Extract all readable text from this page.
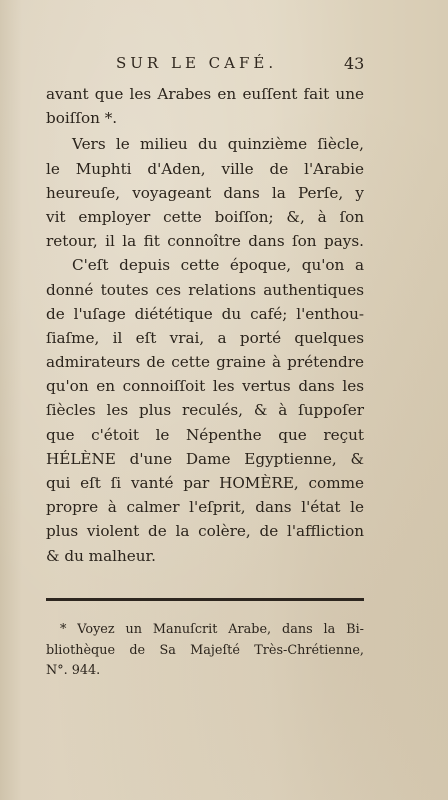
SUR LE CAFÉ.	43
avant que les Arabes en euſſent fait une
boiſſon *.
Vers le milieu du quinzième ſiècle,
le Muphti d'Aden, ville de l'Arabie
heureuſe, voyageant dans la Perſe, y
vit employer cette boiſſon; &, à ſon
retour, il la fit connoître dans ſon pays.
C'eſt depuis cette époque, qu'on a
donné toutes ces relations authentiques
de l'uſage diététique du café; l'enthou-
ſiaſme, il eſt vrai, a porté quelques
admirateurs de cette graine à prétendre
qu'on en connoiſſoit les vertus dans les
ſiècles les plus reculés, & à ſuppoſer
que c'étoit le Népenthe que reçut
HÉLÈNE d'une Dame Egyptienne, &
qui eſt ſi vanté par HOMÈRE, comme
propre à calmer l'eſprit, dans l'état le
plus violent de la colère, de l'affliction
& du malheur.
* Voyez un Manuſcrit Arabe, dans la Bi-
bliothèque de Sa Majeſté Très-Chrétienne,
N°. 944.
